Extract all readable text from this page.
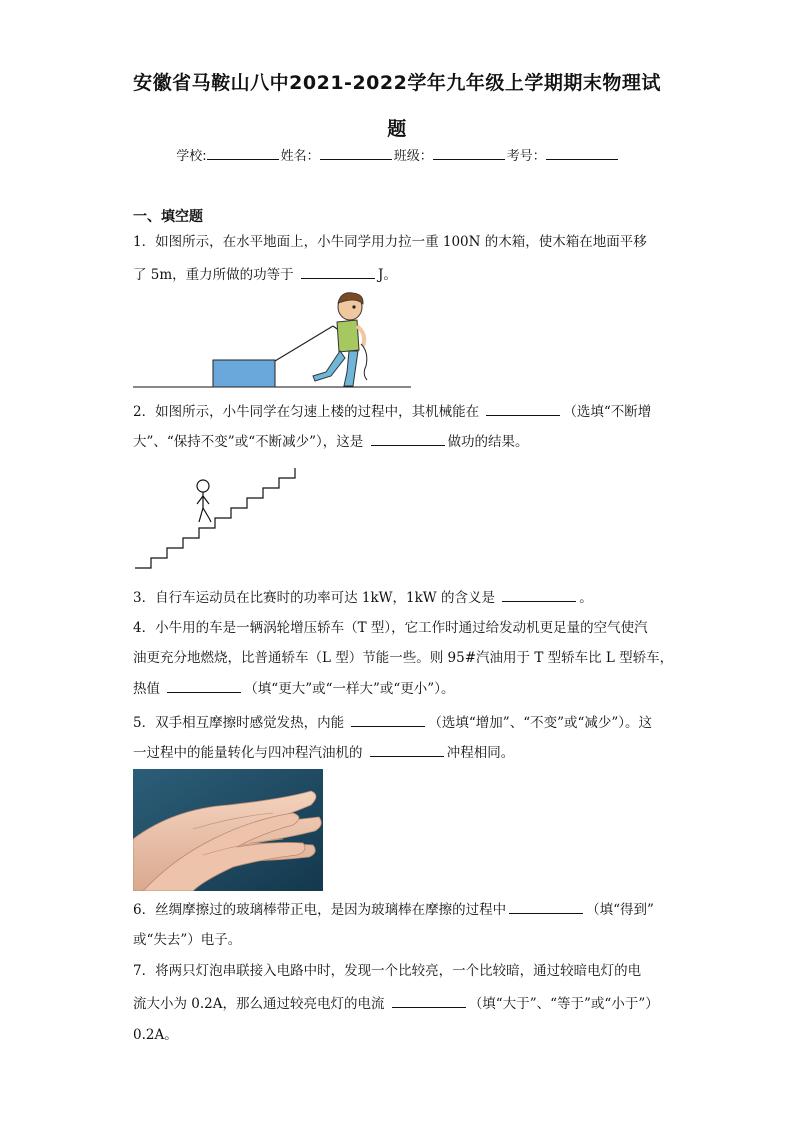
安徽省马鞍山八中2021-2022学年九年级上学期期末物理试
题
学校:	姓名：	班级：	考号：
一、填空题
1．如图所示，在水平地面上，小牛同学用力拉一重 100N 的木箱，使木箱在地面平移
了 5m，重力所做的功等于	J。
2．如图所示，小牛同学在匀速上楼的过程中，其机械能在	（选填“不断增
大”、“保持不变”或“不断减少”），这是	做功的结果。
3．自行车运动员在比赛时的功率可达 1kW，1kW 的含义是	。
4．小牛用的车是一辆涡轮增压轿车（T 型），它工作时通过给发动机更足量的空气使汽
油更充分地燃烧，比普通轿车（L 型）节能一些。则 95#汽油用于 T 型轿车比 L 型轿车，
热值	（填“更大”或“一样大”或“更小”）。
5．双手相互摩擦时感觉发热，内能	（选填“增加”、“不变”或“减少”）。这
一过程中的能量转化与四冲程汽油机的	冲程相同。
6．丝绸摩擦过的玻璃棒带正电，是因为玻璃棒在摩擦的过程中	（填“得到”
或“失去”）电子。
7．将两只灯泡串联接入电路中时，发现一个比较亮，一个比较暗，通过较暗电灯的电
流大小为 0.2A，那么通过较亮电灯的电流	（填“大于”、“等于”或“小于”）
0.2A。
